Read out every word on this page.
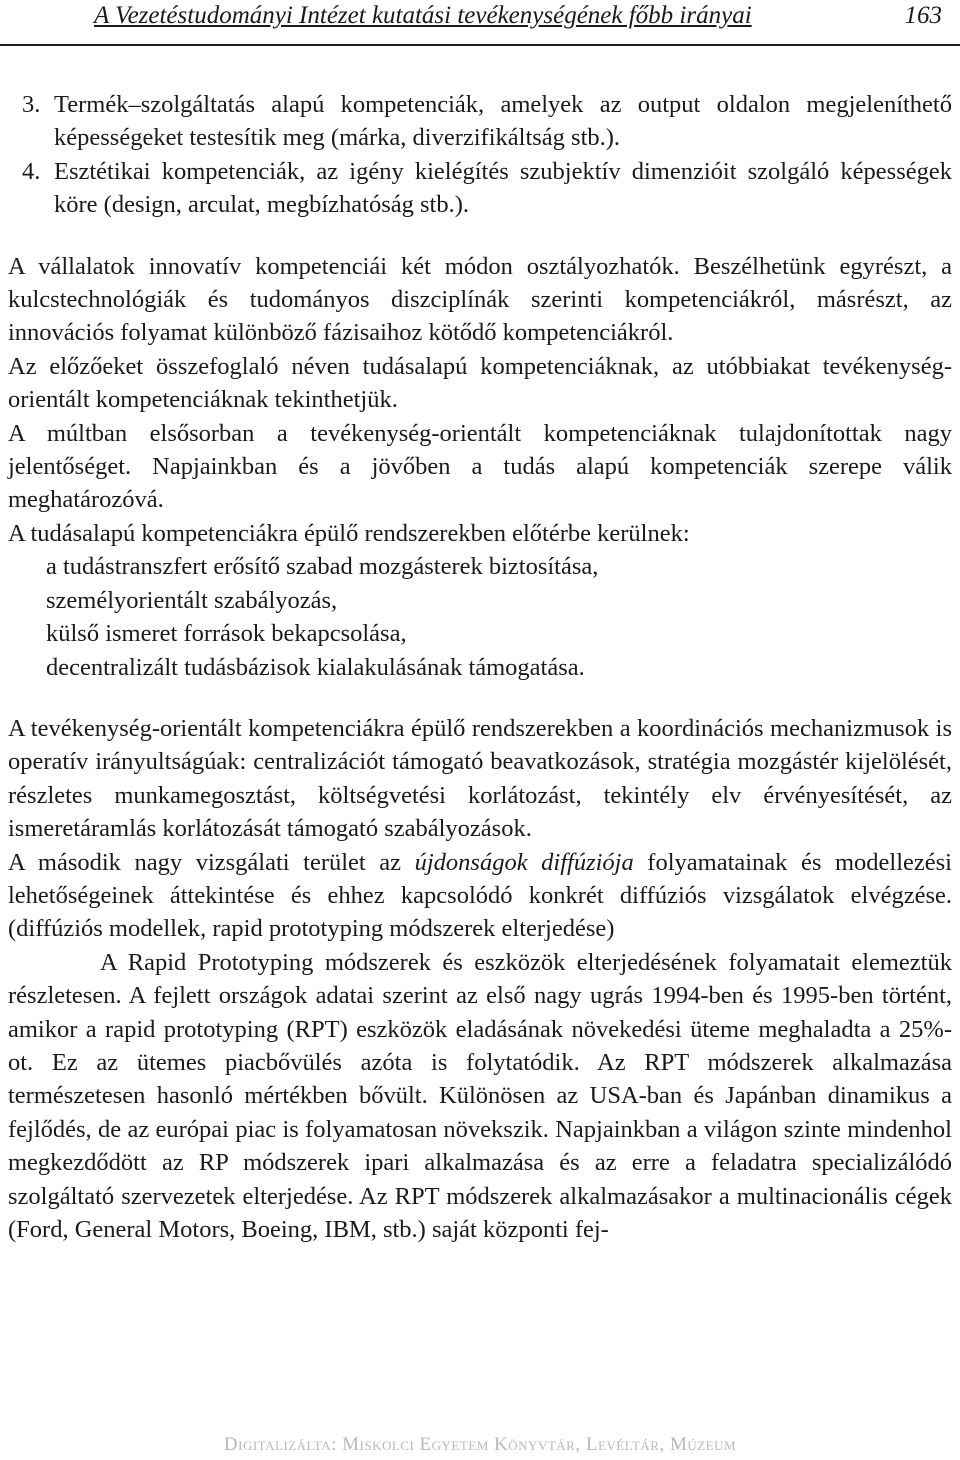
A Vezetéstudományi Intézet kutatási tevékenységének főbb irányai	163
3. Termék–szolgáltatás alapú kompetenciák, amelyek az output oldalon megjeleníthető képességeket testesítik meg (márka, diverzifikáltság stb.).
4. Esztétikai kompetenciák, az igény kielégítés szubjektív dimenzióit szolgáló képességek köre (design, arculat, megbízhatóság stb.).

A vállalatok innovatív kompetenciái két módon osztályozhatók. Beszélhetünk egyrészt, a kulcstechnológiák és tudományos diszciplínák szerinti kompetenciákról, másrészt, az innovációs folyamat különböző fázisaihoz kötődő kompetenciákról.

Az előzőeket összefoglaló néven tudásalapú kompetenciáknak, az utóbbiakat tevékenység-orientált kompetenciáknak tekinthetjük.

A múltban elsősorban a tevékenység-orientált kompetenciáknak tulajdonítottak nagy jelentőséget. Napjainkban és a jövőben a tudás alapú kompetenciák szerepe válik meghatározóvá.

A tudásalapú kompetenciákra épülő rendszerekben előtérbe kerülnek:

a tudástranszfert erősítő szabad mozgásterek biztosítása,

személyorientált szabályozás,

külső ismeret források bekapcsolása,

decentralizált tudásbázisok kialakulásának támogatása.

A tevékenység-orientált kompetenciákra épülő rendszerekben a koordinációs mechanizmusok is operatív irányultságúak: centralizációt támogató beavatkozások, stratégia mozgástér kijelölését, részletes munkamegosztást, költségvetési korlátozást, tekintély elv érvényesítését, az ismeretáramlás korlátozását támogató szabályozások.

A második nagy vizsgálati terület az újdonságok diffúziója folyamatainak és modellezési lehetőségeinek áttekintése és ehhez kapcsolódó konkrét diffúziós vizsgálatok elvégzése. (diffúziós modellek, rapid prototyping módszerek elterjedése)

A Rapid Prototyping módszerek és eszközök elterjedésének folyamatait elemeztük részletesen. A fejlett országok adatai szerint az első nagy ugrás 1994-ben és 1995-ben történt, amikor a rapid prototyping (RPT) eszközök eladásának növekedési üteme meghaladta a 25%-ot. Ez az ütemes piacbővülés azóta is folytatódik. Az RPT módszerek alkalmazása természetesen hasonló mértékben bővült. Különösen az USA-ban és Japánban dinamikus a fejlődés, de az európai piac is folyamatosan növekszik. Napjainkban a világon szinte mindenhol megkezdődött az RP módszerek ipari alkalmazása és az erre a feladatra specializálódó szolgáltató szervezetek elterjedése. Az RPT módszerek alkalmazásakor a multinacionális cégek (Ford, General Motors, Boeing, IBM, stb.) saját központi fej-

Digitalizálta: Miskolci Egyetem Könyvtár, Levéltár, Múzeum
